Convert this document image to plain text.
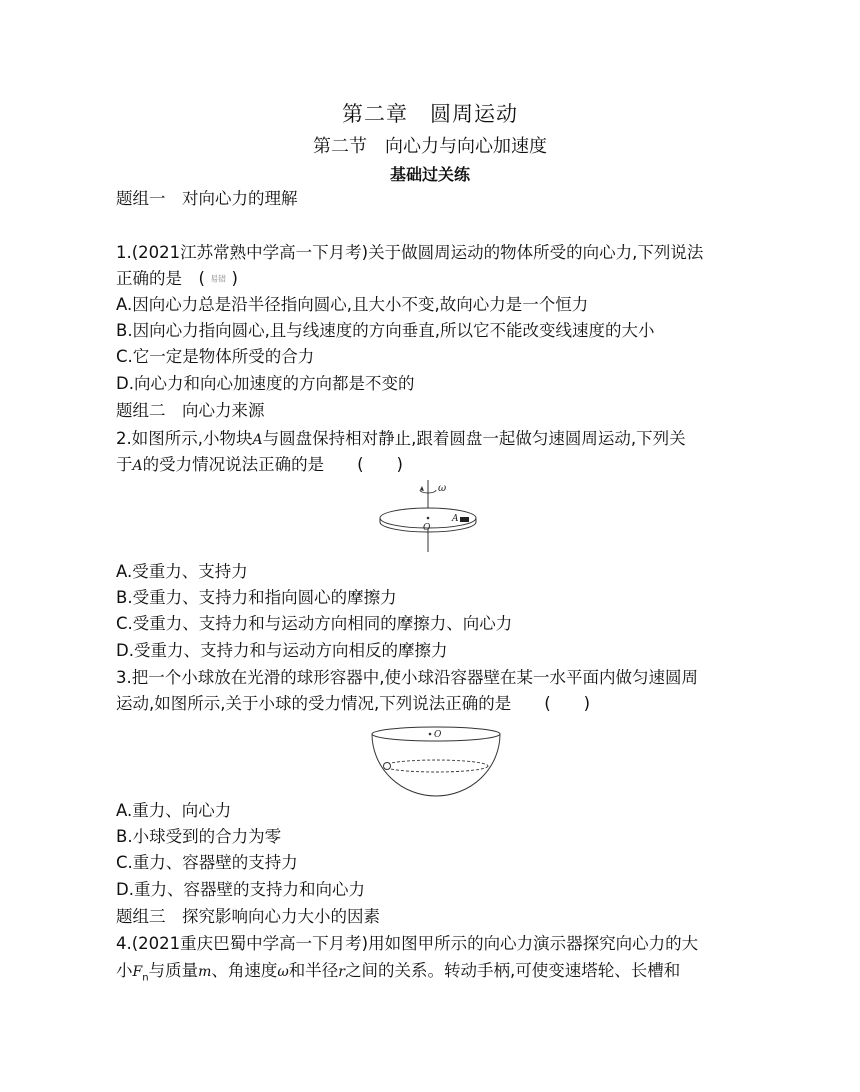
第二章　圆周运动
第二节　向心力与向心加速度
基础过关练
题组一　对向心力的理解
1.(2021江苏常熟中学高一下月考)关于做圆周运动的物体所受的向心力,下列说法
正确的是　( 易错 )
A.因向心力总是沿半径指向圆心,且大小不变,故向心力是一个恒力
B.因向心力指向圆心,且与线速度的方向垂直,所以它不能改变线速度的大小
C.它一定是物体所受的合力
D.向心力和向心加速度的方向都是不变的
题组二　向心力来源
2.如图所示,小物块A与圆盘保持相对静止,跟着圆盘一起做匀速圆周运动,下列关
于A的受力情况说法正确的是　　(　　)
ω
O
A
A.受重力、支持力
B.受重力、支持力和指向圆心的摩擦力
C.受重力、支持力和与运动方向相同的摩擦力、向心力
D.受重力、支持力和与运动方向相反的摩擦力
3.把一个小球放在光滑的球形容器中,使小球沿容器壁在某一水平面内做匀速圆周
运动,如图所示,关于小球的受力情况,下列说法正确的是　　(　　)
O
A.重力、向心力
B.小球受到的合力为零
C.重力、容器壁的支持力
D.重力、容器壁的支持力和向心力
题组三　探究影响向心力大小的因素
4.(2021重庆巴蜀中学高一下月考)用如图甲所示的向心力演示器探究向心力的大
小$F_n$与质量m、角速度ω和半径r之间的关系。转动手柄,可使变速塔轮、长槽和
